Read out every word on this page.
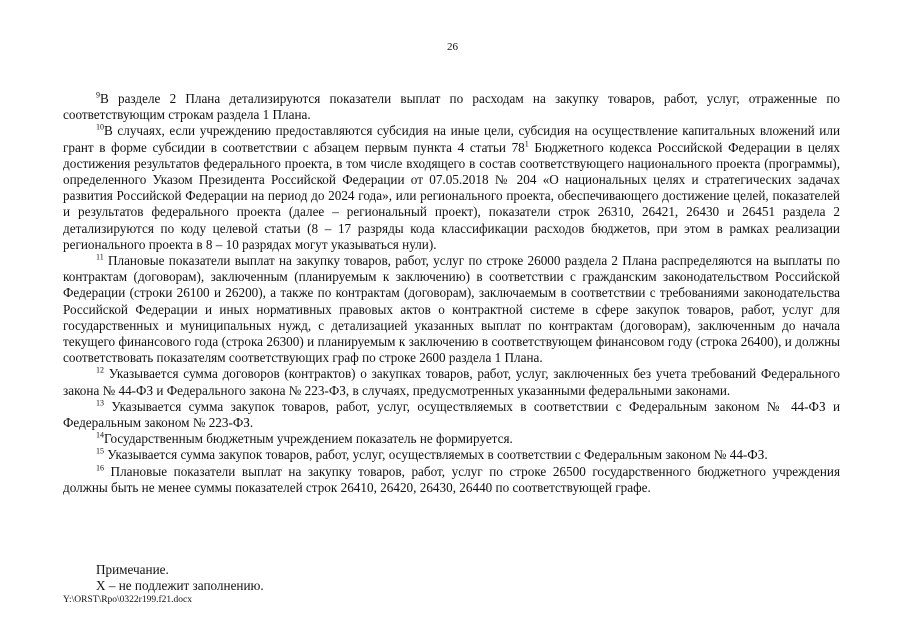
26

$^9$В разделе 2 Плана детализируются показатели выплат по расходам на закупку товаров, работ, услуг, отраженные по соответствующим строкам раздела 1 Плана.

$^{10}$В случаях, если учреждению предоставляются субсидия на иные цели, субсидия на осуществление капитальных вложений или грант в форме субсидии в соответствии с абзацем первым пункта 4 статьи $78^1$ Бюджетного кодекса Российской Федерации в целях достижения результатов федерального проекта, в том числе входящего в состав соответствующего национального проекта (программы), определенного Указом Президента Российской Федерации от 07.05.2018 № 204 «О национальных целях и стратегических задачах развития Российской Федерации на период до 2024 года», или регионального проекта, обеспечивающего достижение целей, показателей и результатов федерального проекта (далее – региональный проект), показатели строк 26310, 26421, 26430 и 26451 раздела 2 детализируются по коду целевой статьи (8 – 17 разряды кода классификации расходов бюджетов, при этом в рамках реализации регионального проекта в 8 – 10 разрядах могут указываться нули).

$^{11}$ Плановые показатели выплат на закупку товаров, работ, услуг по строке 26000 раздела 2 Плана распределяются на выплаты по контрактам (договорам), заключенным (планируемым к заключению) в соответствии с гражданским законодательством Российской Федерации (строки 26100 и 26200), а также по контрактам (договорам), заключаемым в соответствии с требованиями законодательства Российской Федерации и иных нормативных правовых актов о контрактной системе в сфере закупок товаров, работ, услуг для государственных и муниципальных нужд, с детализацией указанных выплат по контрактам (договорам), заключенным до начала текущего финансового года (строка 26300) и планируемым к заключению в соответствующем финансовом году (строка 26400), и должны соответствовать показателям соответствующих граф по строке 2600 раздела 1 Плана.

$^{12}$ Указывается сумма договоров (контрактов) о закупках товаров, работ, услуг, заключенных без учета требований Федерального закона № 44-ФЗ и Федерального закона № 223-ФЗ, в случаях, предусмотренных указанными федеральными законами.

$^{13}$ Указывается сумма закупок товаров, работ, услуг, осуществляемых в соответствии с Федеральным законом № 44-ФЗ и Федеральным законом № 223-ФЗ.

$^{14}$Государственным бюджетным учреждением показатель не формируется.

$^{15}$ Указывается сумма закупок товаров, работ, услуг, осуществляемых в соответствии с Федеральным законом № 44-ФЗ.

$^{16}$ Плановые показатели выплат на закупку товаров, работ, услуг по строке 26500 государственного бюджетного учреждения должны быть не менее суммы показателей строк 26410, 26420, 26430, 26440 по соответствующей графе.

Примечание.
Х – не подлежит заполнению.
Y:\ORST\Rpo\0322r199.f21.docx
